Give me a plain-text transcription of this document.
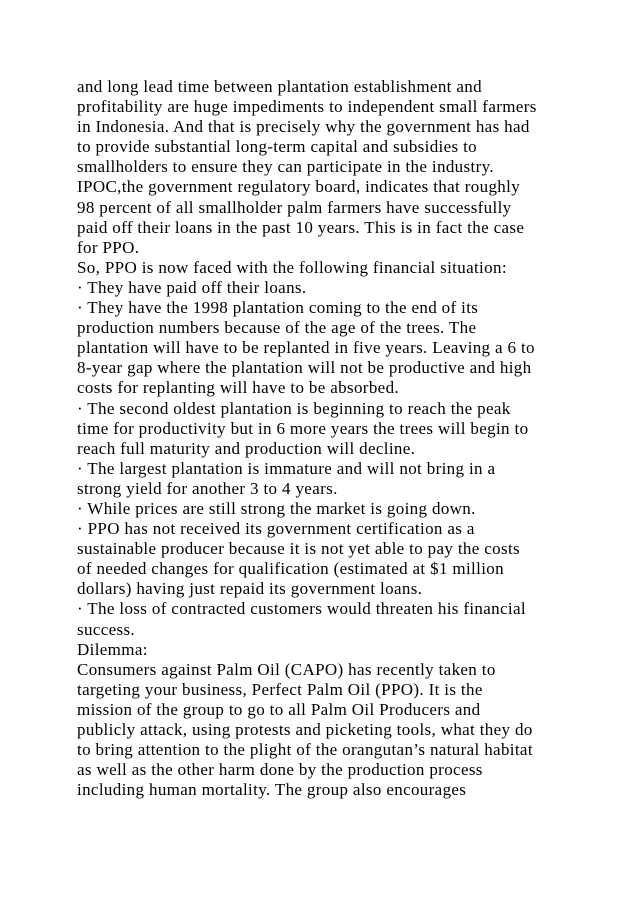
and long lead time between plantation establishment and
profitability are huge impediments to independent small farmers
in Indonesia. And that is precisely why the government has had
to provide substantial long-term capital and subsidies to
smallholders to ensure they can participate in the industry.
IPOC,the government regulatory board, indicates that roughly
98 percent of all smallholder palm farmers have successfully
paid off their loans in the past 10 years. This is in fact the case
for PPO.
So, PPO is now faced with the following financial situation:
· They have paid off their loans.
· They have the 1998 plantation coming to the end of its
production numbers because of the age of the trees. The
plantation will have to be replanted in five years. Leaving a 6 to
8-year gap where the plantation will not be productive and high
costs for replanting will have to be absorbed.
· The second oldest plantation is beginning to reach the peak
time for productivity but in 6 more years the trees will begin to
reach full maturity and production will decline.
· The largest plantation is immature and will not bring in a
strong yield for another 3 to 4 years.
· While prices are still strong the market is going down.
· PPO has not received its government certification as a
sustainable producer because it is not yet able to pay the costs
of needed changes for qualification (estimated at $1 million
dollars) having just repaid its government loans.
· The loss of contracted customers would threaten his financial
success.
Dilemma:
Consumers against Palm Oil (CAPO) has recently taken to
targeting your business, Perfect Palm Oil (PPO). It is the
mission of the group to go to all Palm Oil Producers and
publicly attack, using protests and picketing tools, what they do
to bring attention to the plight of the orangutan’s natural habitat
as well as the other harm done by the production process
including human mortality. The group also encourages
